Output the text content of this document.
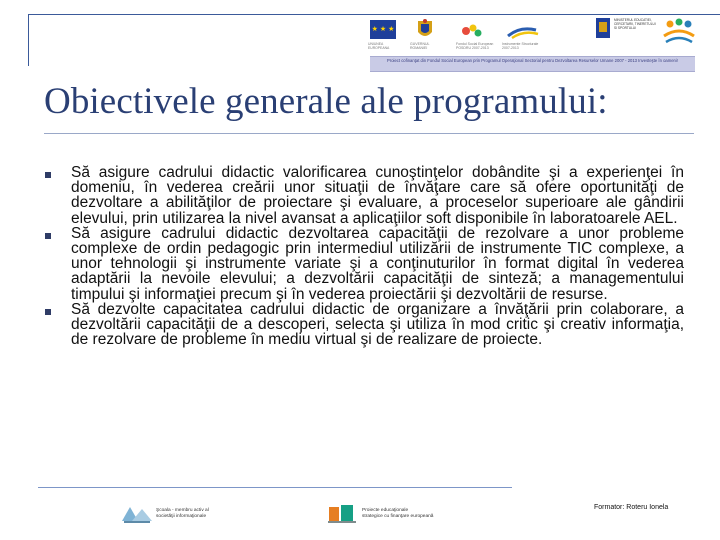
★ ★ ★
UNIUNEA EUROPEANA
GUVERNUL ROMANIEI
Fondul Social European POSDRU 2007-2013
Instrumente Structurale 2007-2013
MINISTERUL EDUCATIEI, CERCETARII, TINERETULUI SI SPORTULUI
Proiect cofinanţat din Fondul Social European prin Programul Operaţional Sectorial pentru Dezvoltarea Resurselor Umane 2007 - 2013 Investeşte în oameni!
Obiectivele generale ale programului:
Să asigure cadrului didactic valorificarea cunoştinţelor dobândite şi a experienţei în domeniu, în vederea creării unor situaţii de învăţare care să ofere oportunităţi de dezvoltare a abilităţilor de proiectare şi evaluare, a proceselor superioare ale gândirii elevului, prin utilizarea la nivel avansat a aplicaţiilor soft disponibile în laboratoarele AEL.
Să asigure cadrului didactic dezvoltarea capacităţii de rezolvare a unor probleme complexe de ordin pedagogic prin intermediul utilizării de instrumente TIC complexe, a unor tehnologii şi instrumente variate şi a conţinuturilor în format digital în vederea adaptării la nevoile elevului; a dezvoltării capacităţii de sinteză; a managementului timpului şi informaţiei precum şi în vederea proiectării şi dezvoltării de resurse.
Să dezvolte capacitatea cadrului didactic de organizare a învăţării prin colaborare, a dezvoltării capacităţii de a descoperi, selecta şi utiliza în mod critic şi creativ informaţia, de rezolvare de probleme în mediu virtual şi de realizare de proiecte.
Şcoala - membru activ al
societăţii informaţionale
Proiecte educaţionale
strategice cu finanţare europeană
Formator: Roteru Ionela
